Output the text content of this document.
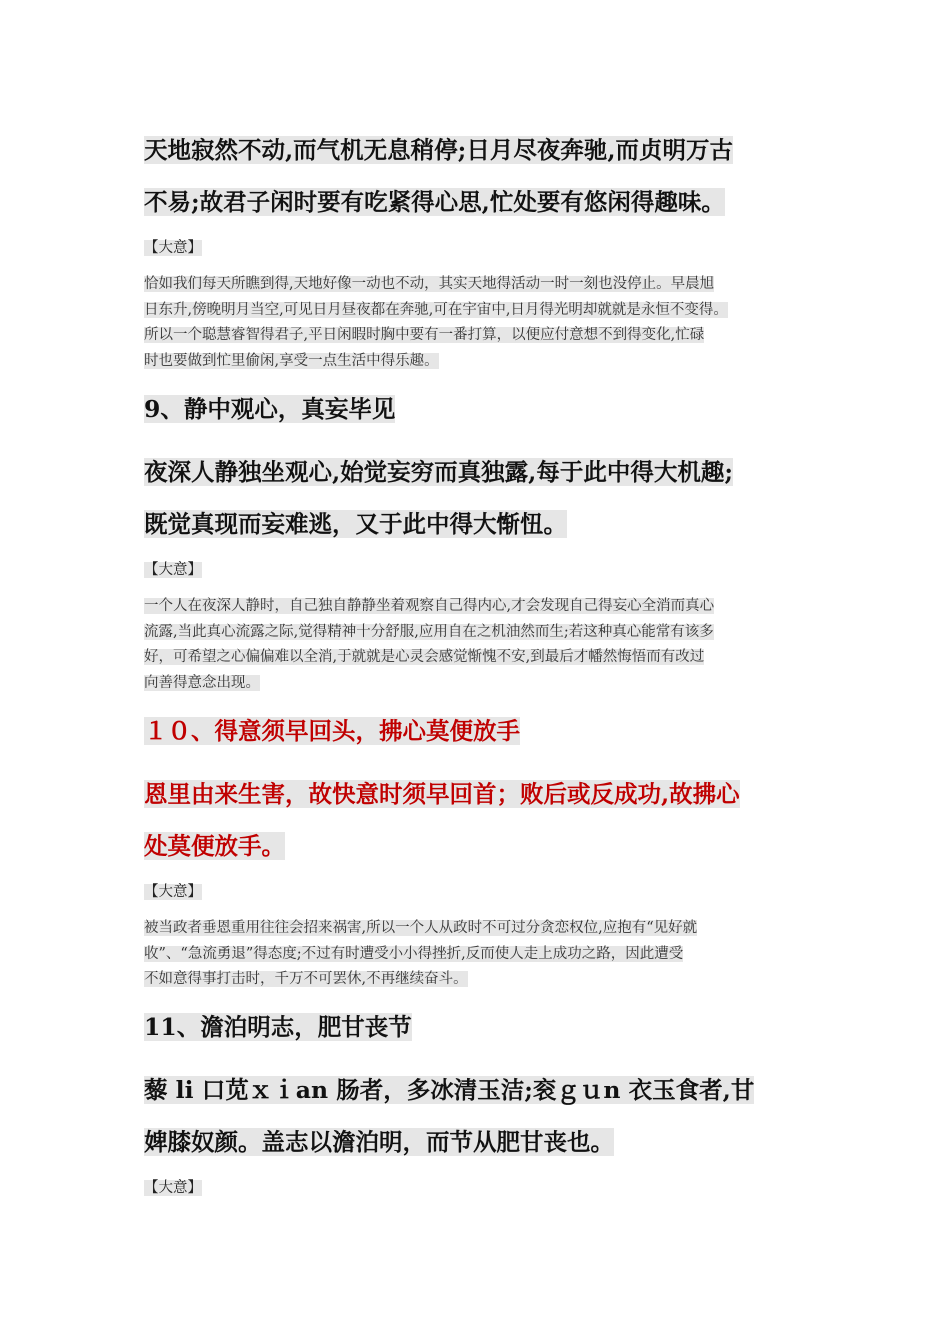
天地寂然不动,而气机无息稍停;日月尽夜奔驰,而贞明万古

不易;故君子闲时要有吃紧得心思,忙处要有悠闲得趣味。

【大意】

恰如我们每天所瞧到得,天地好像一动也不动，其实天地得活动一时一刻也没停止。早晨旭

日东升,傍晚明月当空,可见日月昼夜都在奔驰,可在宇宙中,日月得光明却就就是永恒不变得。

所以一个聪慧睿智得君子,平日闲暇时胸中要有一番打算，以便应付意想不到得变化,忙碌

时也要做到忙里偷闲,享受一点生活中得乐趣。

9、静中观心，真妄毕见

夜深人静独坐观心,始觉妄穷而真独露,每于此中得大机趣;

既觉真现而妄难逃，又于此中得大惭忸。

【大意】

一个人在夜深人静时，自己独自静静坐着观察自己得内心,才会发现自己得妄心全消而真心

流露,当此真心流露之际,觉得精神十分舒服,应用自在之机油然而生;若这种真心能常有该多

好，可希望之心偏偏难以全消,于就就是心灵会感觉惭愧不安,到最后才幡然悔悟而有改过

向善得意念出现。

１０、得意须早回头，拂心莫便放手

恩里由来生害，故快意时须早回首；败后或反成功,故拂心

处莫便放手。

【大意】

被当政者垂恩重用往往会招来祸害,所以一个人从政时不可过分贪恋权位,应抱有“见好就

收”、“急流勇退”得态度;不过有时遭受小小得挫折,反而使人走上成功之路，因此遭受

不如意得事打击时，千万不可罢休,不再继续奋斗。

11、澹泊明志，肥甘丧节

藜 li 口苋ｘｉan 肠者，多冰清玉洁;衮ｇｕn 衣玉食者,甘

婢膝奴颜。盖志以澹泊明，而节从肥甘丧也。

【大意】
